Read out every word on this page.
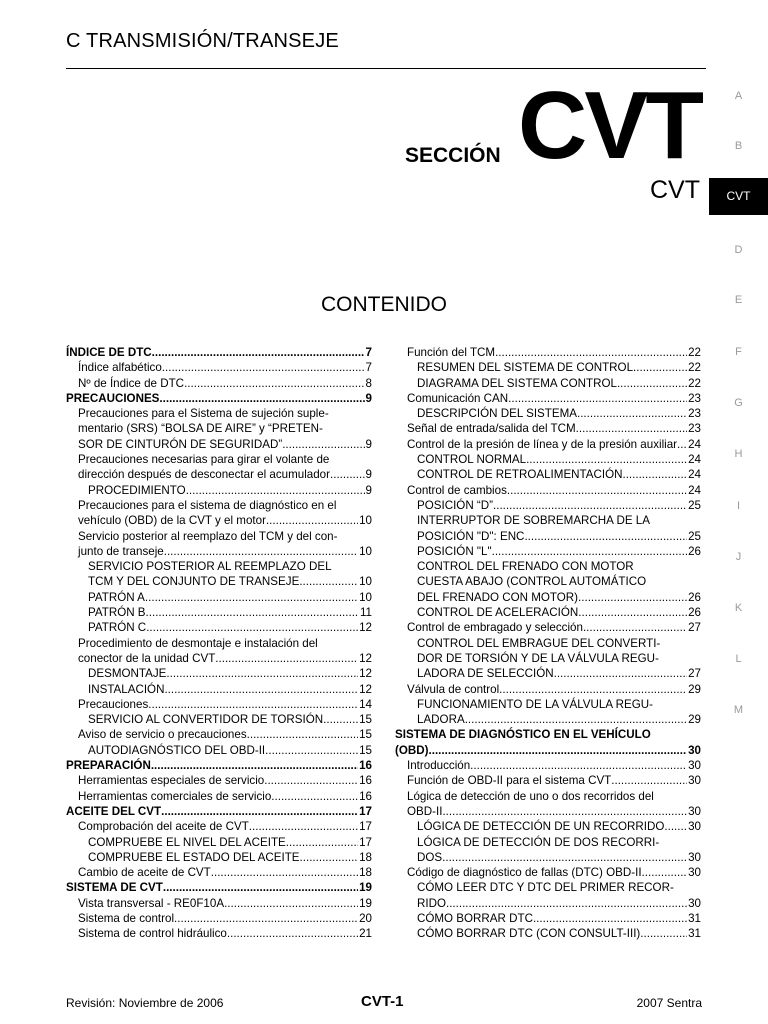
C TRANSMISIÓN/TRANSEJE
SECCIÓN CVT
CVT
A
B
CVT
D
E
F
G
H
I
J
K
L
M
CONTENIDO
ÍNDICE DE DTC .....	7
Índice alfabético .....	7
Nº de Índice de DTC .....	8
PRECAUCIONES .....	9
Precauciones para el Sistema de sujeción suple-
mentario (SRS) “BOLSA DE AIRE” y “PRETEN-
SOR DE CINTURÓN DE SEGURIDAD” .....	9
Precauciones necesarias para girar el volante de
dirección después de desconectar el acumulador .....	9
PROCEDIMIENTO .....	9
Precauciones para el sistema de diagnóstico en el
vehículo (OBD) de la CVT y el motor .....	10
Servicio posterior al reemplazo del TCM y del con-
junto de transeje .....	10
SERVICIO POSTERIOR AL REEMPLAZO DEL
TCM Y DEL CONJUNTO DE TRANSEJE .....	10
PATRÓN A .....	10
PATRÓN B .....	11
PATRÓN C .....	12
Procedimiento de desmontaje e instalación del
conector de la unidad CVT .....	12
DESMONTAJE .....	12
INSTALACIÓN .....	12
Precauciones .....	14
SERVICIO AL CONVERTIDOR DE TORSIÓN .....	15
Aviso de servicio o precauciones .....	15
AUTODIAGNÓSTICO DEL OBD-II .....	15
PREPARACIÓN .....	16
Herramientas especiales de servicio .....	16
Herramientas comerciales de servicio .....	16
ACEITE DEL CVT .....	17
Comprobación del aceite de CVT .....	17
COMPRUEBE EL NIVEL DEL ACEITE .....	17
COMPRUEBE EL ESTADO DEL ACEITE .....	18
Cambio de aceite de CVT .....	18
SISTEMA DE CVT .....	19
Vista transversal - RE0F10A .....	19
Sistema de control .....	20
Sistema de control hidráulico .....	21
Función del TCM .....	22
RESUMEN DEL SISTEMA DE CONTROL .....	22
DIAGRAMA DEL SISTEMA CONTROL .....	22
Comunicación CAN .....	23
DESCRIPCIÓN DEL SISTEMA .....	23
Señal de entrada/salida del TCM .....	23
Control de la presión de línea y de la presión auxiliar ..... 24
CONTROL NORMAL .....	24
CONTROL DE RETROALIMENTACIÓN .....	24
Control de cambios .....	24
POSICIÓN “D” .....	25
INTERRUPTOR DE SOBREMARCHA DE LA
POSICIÓN "D": ENC .....	25
POSICIÓN "L" .....	26
CONTROL DEL FRENADO CON MOTOR
CUESTA ABAJO (CONTROL AUTOMÁTICO
DEL FRENADO CON MOTOR) .....	26
CONTROL DE ACELERACIÓN .....	26
Control de embragado y selección .....	27
CONTROL DEL EMBRAGUE DEL CONVERTI-
DOR DE TORSIÓN Y DE LA VÁLVULA REGU-
LADORA DE SELECCIÓN .....	27
Válvula de control .....	29
FUNCIONAMIENTO DE LA VÁLVULA REGU-
LADORA .....	29
SISTEMA DE DIAGNÓSTICO EN EL VEHÍCULO
(OBD) .....	30
Introducción .....	30
Función de OBD-II para el sistema CVT .....	30
Lógica de detección de uno o dos recorridos del
OBD-II .....	30
LÓGICA DE DETECCIÓN DE UN RECORRIDO ..... 30
LÓGICA DE DETECCIÓN DE DOS RECORRI-
DOS .....	30
Código de diagnóstico de fallas (DTC) OBD-II. .....	30
CÓMO LEER DTC Y DTC DEL PRIMER RECOR-
RIDO .....	30
CÓMO BORRAR DTC .....	31
CÓMO BORRAR DTC (CON CONSULT-III) .....	31
Revisión: Noviembre de 2006	CVT-1	2007 Sentra
